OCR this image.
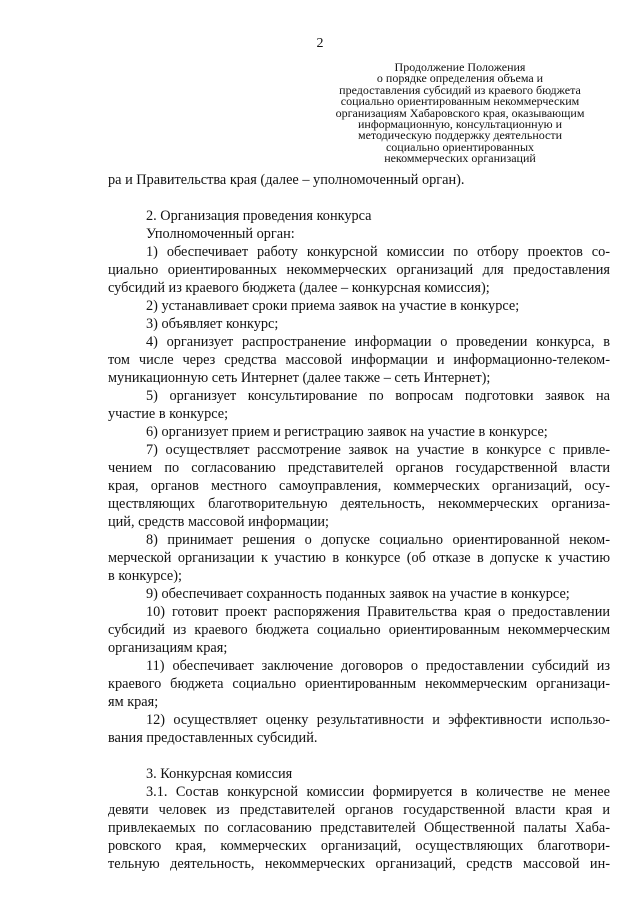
2
Продолжение Положения
о порядке определения объема и
предоставления субсидий из краевого бюджета
социально ориентированным некоммерческим
организациям Хабаровского края, оказывающим
информационную, консультационную и
методическую поддержку деятельности
социально ориентированных
некоммерческих организаций
ра и Правительства края (далее – уполномоченный орган).
2. Организация проведения конкурса
Уполномоченный орган:
1) обеспечивает работу конкурсной комиссии по отбору проектов со-
циально ориентированных некоммерческих организаций для предоставления
субсидий из краевого бюджета (далее – конкурсная комиссия);
2) устанавливает сроки приема заявок на участие в конкурсе;
3) объявляет конкурс;
4) организует распространение информации о проведении конкурса, в
том числе через средства массовой информации и информационно-телеком-
муникационную сеть Интернет (далее также – сеть Интернет);
5) организует консультирование по вопросам подготовки заявок на
участие в конкурсе;
6) организует прием и регистрацию заявок на участие в конкурсе;
7) осуществляет рассмотрение заявок на участие в конкурсе с привле-
чением по согласованию представителей органов государственной власти
края, органов местного самоуправления, коммерческих организаций, осу-
ществляющих благотворительную деятельность, некоммерческих организа-
ций, средств массовой информации;
8) принимает решения о допуске социально ориентированной неком-
мерческой организации к участию в конкурсе (об отказе в допуске к участию
в конкурсе);
9) обеспечивает сохранность поданных заявок на участие в конкурсе;
10) готовит проект распоряжения Правительства края о предоставлении
субсидий из краевого бюджета социально ориентированным некоммерческим
организациям края;
11) обеспечивает заключение договоров о предоставлении субсидий из
краевого бюджета социально ориентированным некоммерческим организаци-
ям края;
12) осуществляет оценку результативности и эффективности использо-
вания предоставленных субсидий.
3. Конкурсная комиссия
3.1. Состав конкурсной комиссии формируется в количестве не менее
девяти человек из представителей органов государственной власти края и
привлекаемых по согласованию представителей Общественной палаты Хаба-
ровского края, коммерческих организаций, осуществляющих благотвори-
тельную деятельность, некоммерческих организаций, средств массовой ин-
